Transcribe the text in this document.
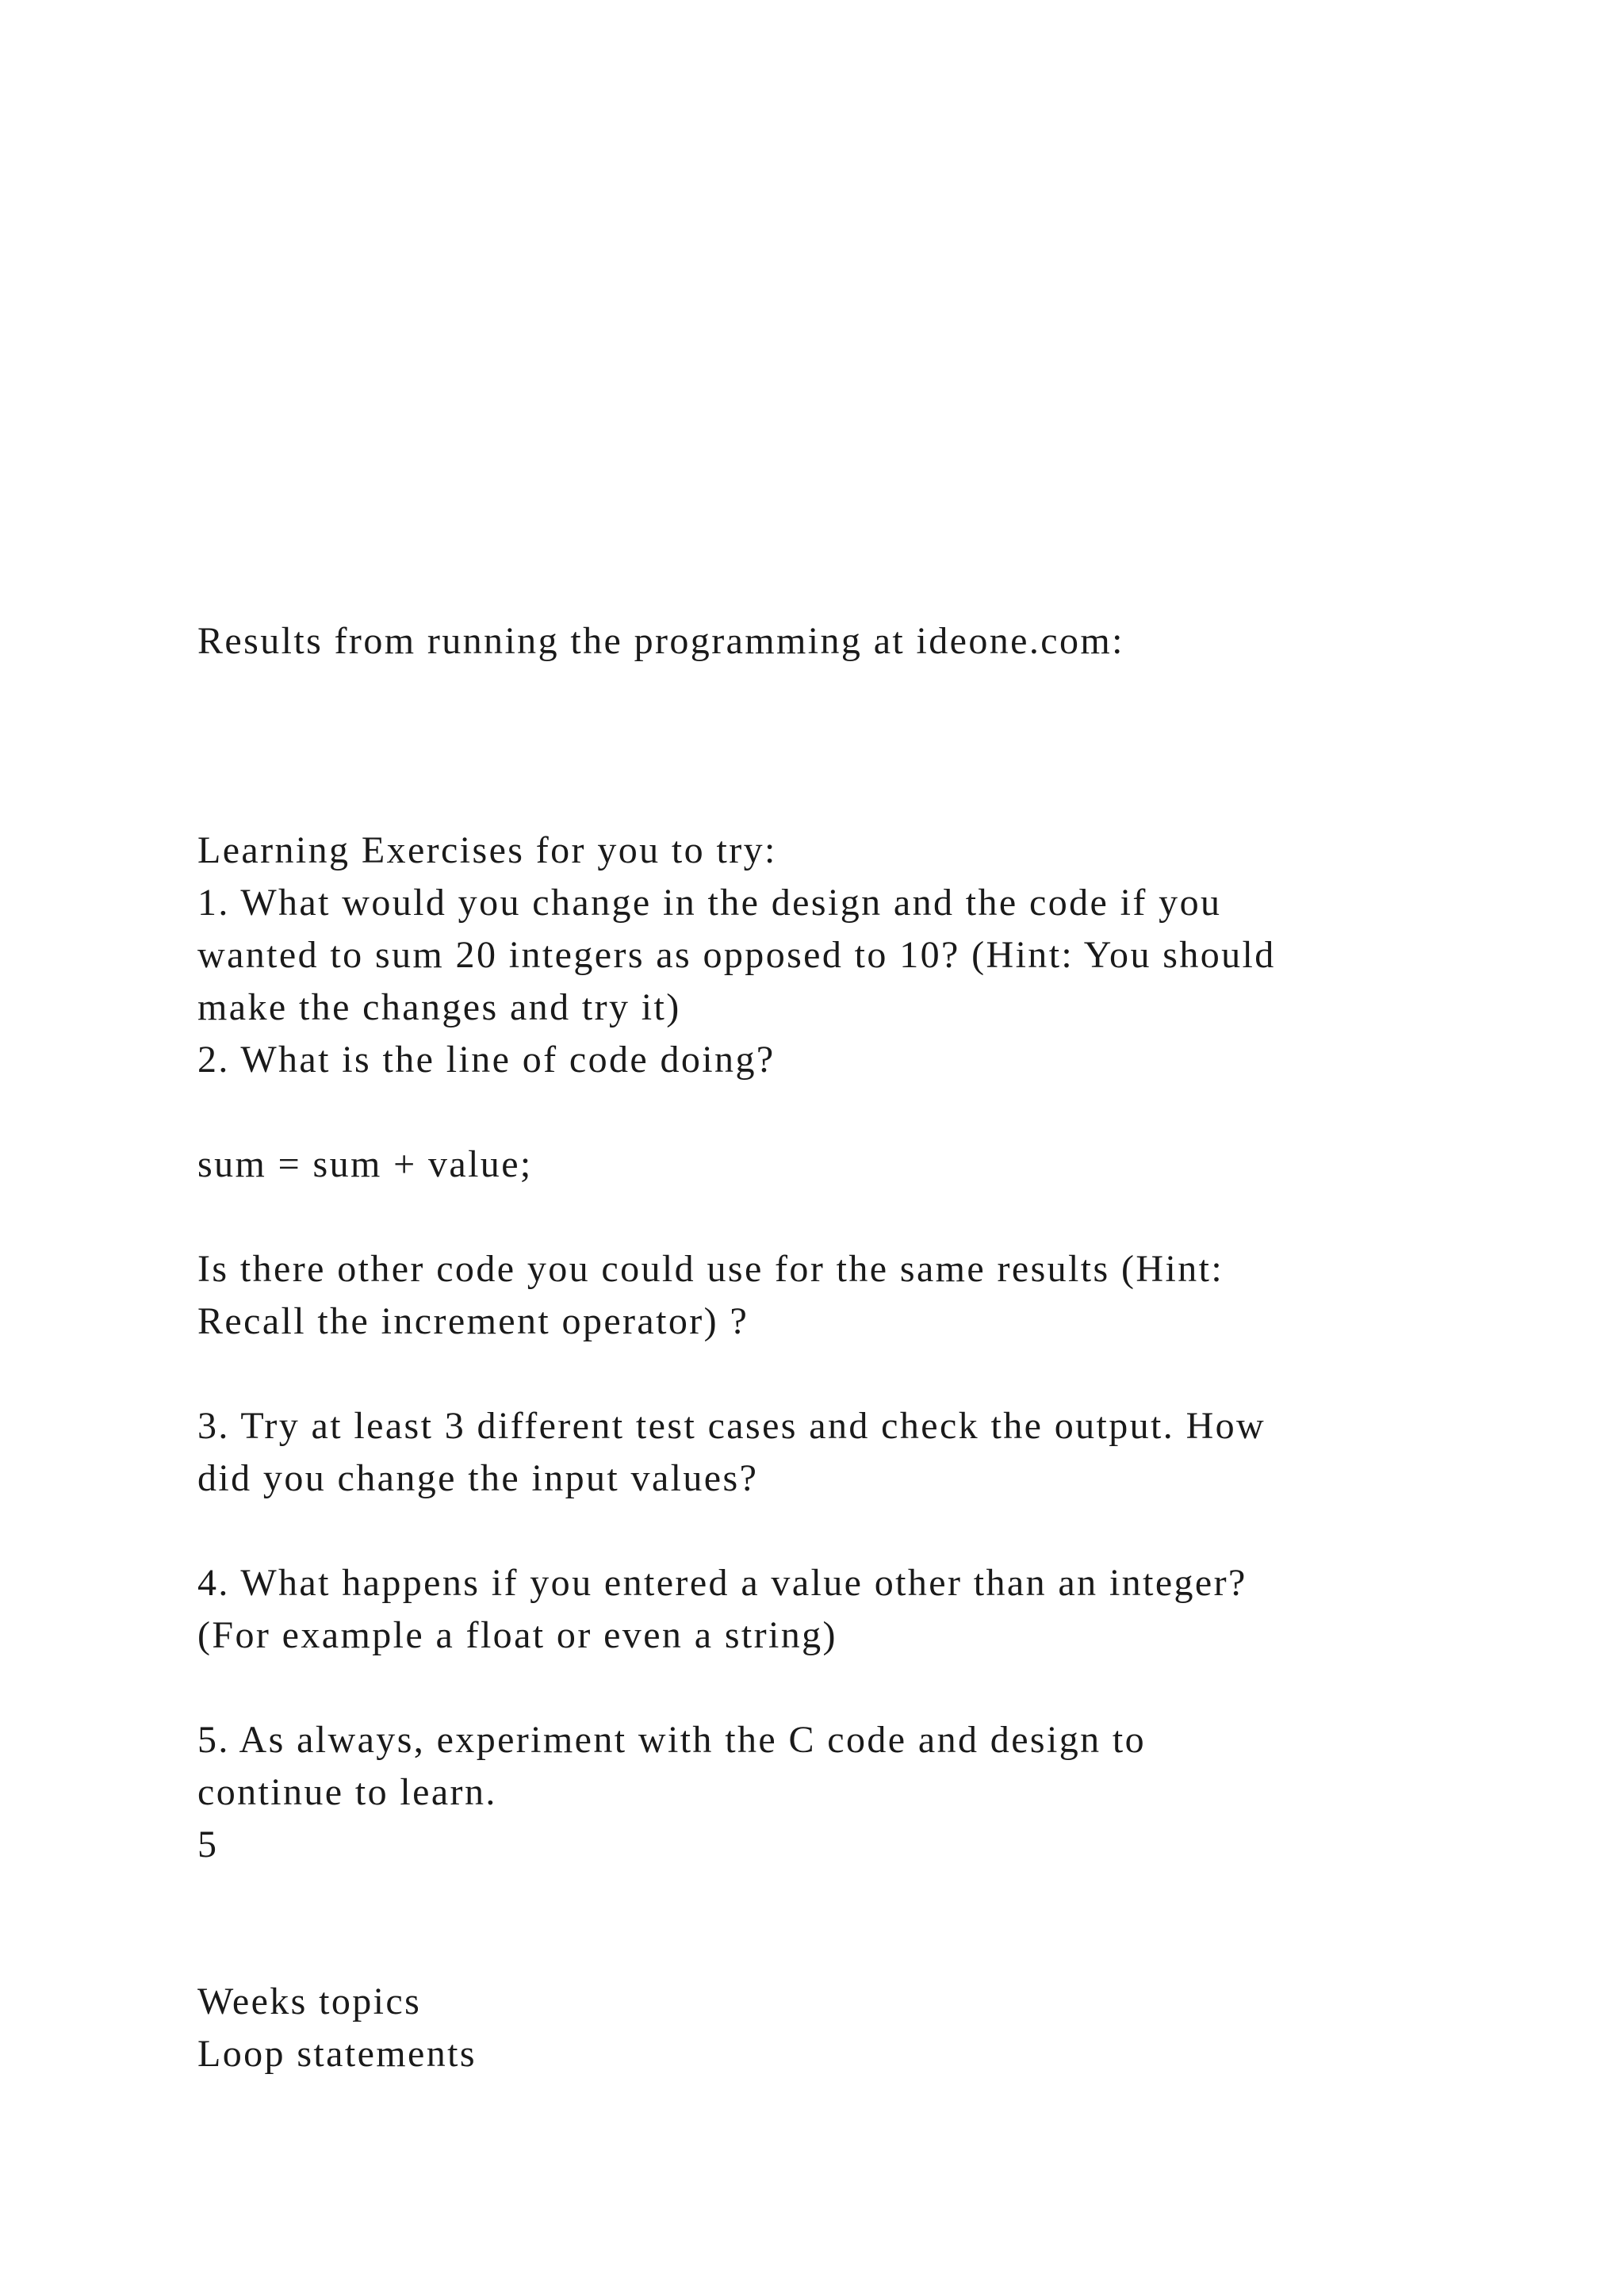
Results from running the programming at ideone.com:

Learning Exercises for you to try:

1. What would you change in the design and the code if you

wanted to sum 20 integers as opposed to 10? (Hint: You should

make the changes and try it)

2. What is the line of code doing?

sum = sum + value;

Is there other code you could use for the same results (Hint:

Recall the increment operator) ?

3. Try at least 3 different test cases and check the output. How

did you change the input values?

4. What happens if you entered a value other than an integer?

(For example a float or even a string)

5. As always, experiment with the C code and design to

continue to learn.

5

Weeks topics

Loop statements
